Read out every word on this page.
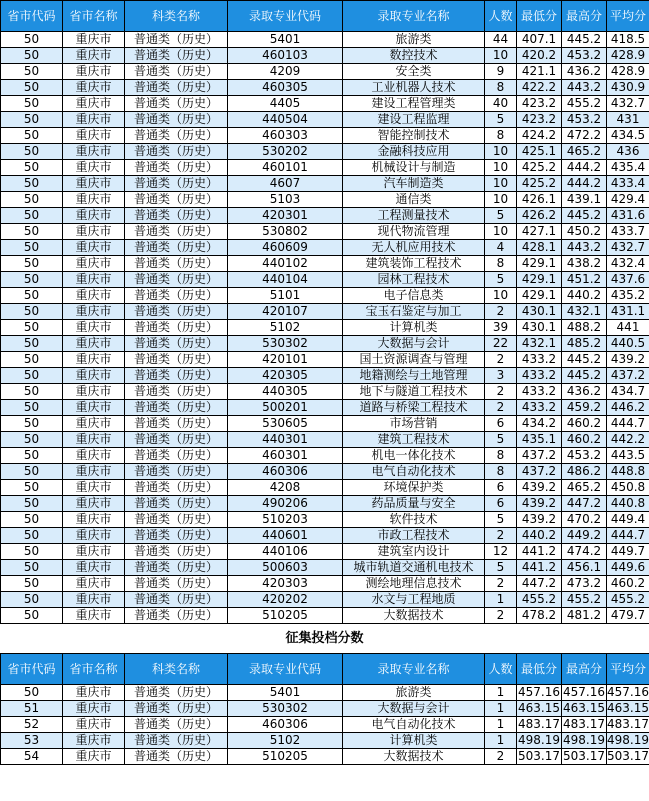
省市代码	省市名称	科类名称	录取专业代码	录取专业名称	人数	最低分	最高分	平均分
50	重庆市	普通类（历史）	5401	旅游类	44	407.1	445.2	418.5
50	重庆市	普通类（历史）	460103	数控技术	10	420.2	453.2	428.9
50	重庆市	普通类（历史）	4209	安全类	9	421.1	436.2	428.9
50	重庆市	普通类（历史）	460305	工业机器人技术	8	422.2	443.2	430.9
50	重庆市	普通类（历史）	4405	建设工程管理类	40	423.2	455.2	432.7
50	重庆市	普通类（历史）	440504	建设工程监理	5	423.2	453.2	431
50	重庆市	普通类（历史）	460303	智能控制技术	8	424.2	472.2	434.5
50	重庆市	普通类（历史）	530202	金融科技应用	10	425.1	465.2	436
50	重庆市	普通类（历史）	460101	机械设计与制造	10	425.2	444.2	435.4
50	重庆市	普通类（历史）	4607	汽车制造类	10	425.2	444.2	433.4
50	重庆市	普通类（历史）	5103	通信类	10	426.1	439.1	429.4
50	重庆市	普通类（历史）	420301	工程测量技术	5	426.2	445.2	431.6
50	重庆市	普通类（历史）	530802	现代物流管理	10	427.1	450.2	433.7
50	重庆市	普通类（历史）	460609	无人机应用技术	4	428.1	443.2	432.7
50	重庆市	普通类（历史）	440102	建筑装饰工程技术	8	429.1	438.2	432.4
50	重庆市	普通类（历史）	440104	园林工程技术	5	429.1	451.2	437.6
50	重庆市	普通类（历史）	5101	电子信息类	10	429.1	440.2	435.2
50	重庆市	普通类（历史）	420107	宝玉石鉴定与加工	2	430.1	432.1	431.1
50	重庆市	普通类（历史）	5102	计算机类	39	430.1	488.2	441
50	重庆市	普通类（历史）	530302	大数据与会计	22	432.1	485.2	440.5
50	重庆市	普通类（历史）	420101	国土资源调查与管理	2	433.2	445.2	439.2
50	重庆市	普通类（历史）	420305	地籍测绘与土地管理	3	433.2	445.2	437.2
50	重庆市	普通类（历史）	440305	地下与隧道工程技术	2	433.2	436.2	434.7
50	重庆市	普通类（历史）	500201	道路与桥梁工程技术	2	433.2	459.2	446.2
50	重庆市	普通类（历史）	530605	市场营销	6	434.2	460.2	444.7
50	重庆市	普通类（历史）	440301	建筑工程技术	5	435.1	460.2	442.2
50	重庆市	普通类（历史）	460301	机电一体化技术	8	437.2	453.2	443.5
50	重庆市	普通类（历史）	460306	电气自动化技术	8	437.2	486.2	448.8
50	重庆市	普通类（历史）	4208	环境保护类	6	439.2	465.2	450.8
50	重庆市	普通类（历史）	490206	药品质量与安全	6	439.2	447.2	440.8
50	重庆市	普通类（历史）	510203	软件技术	5	439.2	470.2	449.4
50	重庆市	普通类（历史）	440601	市政工程技术	2	440.2	449.2	444.7
50	重庆市	普通类（历史）	440106	建筑室内设计	12	441.2	474.2	449.7
50	重庆市	普通类（历史）	500603	城市轨道交通机电技术	5	441.2	456.1	449.6
50	重庆市	普通类（历史）	420303	测绘地理信息技术	2	447.2	473.2	460.2
50	重庆市	普通类（历史）	420202	水文与工程地质	1	455.2	455.2	455.2
50	重庆市	普通类（历史）	510205	大数据技术	2	478.2	481.2	479.7
征集投档分数
省市代码	省市名称	科类名称	录取专业代码	录取专业名称	人数	最低分	最高分	平均分
50	重庆市	普通类（历史）	5401	旅游类	1	457.16	457.16	457.16
51	重庆市	普通类（历史）	530302	大数据与会计	1	463.15	463.15	463.15
52	重庆市	普通类（历史）	460306	电气自动化技术	1	483.17	483.17	483.17
53	重庆市	普通类（历史）	5102	计算机类	1	498.19	498.19	498.19
54	重庆市	普通类（历史）	510205	大数据技术	2	503.17	503.17	503.17
